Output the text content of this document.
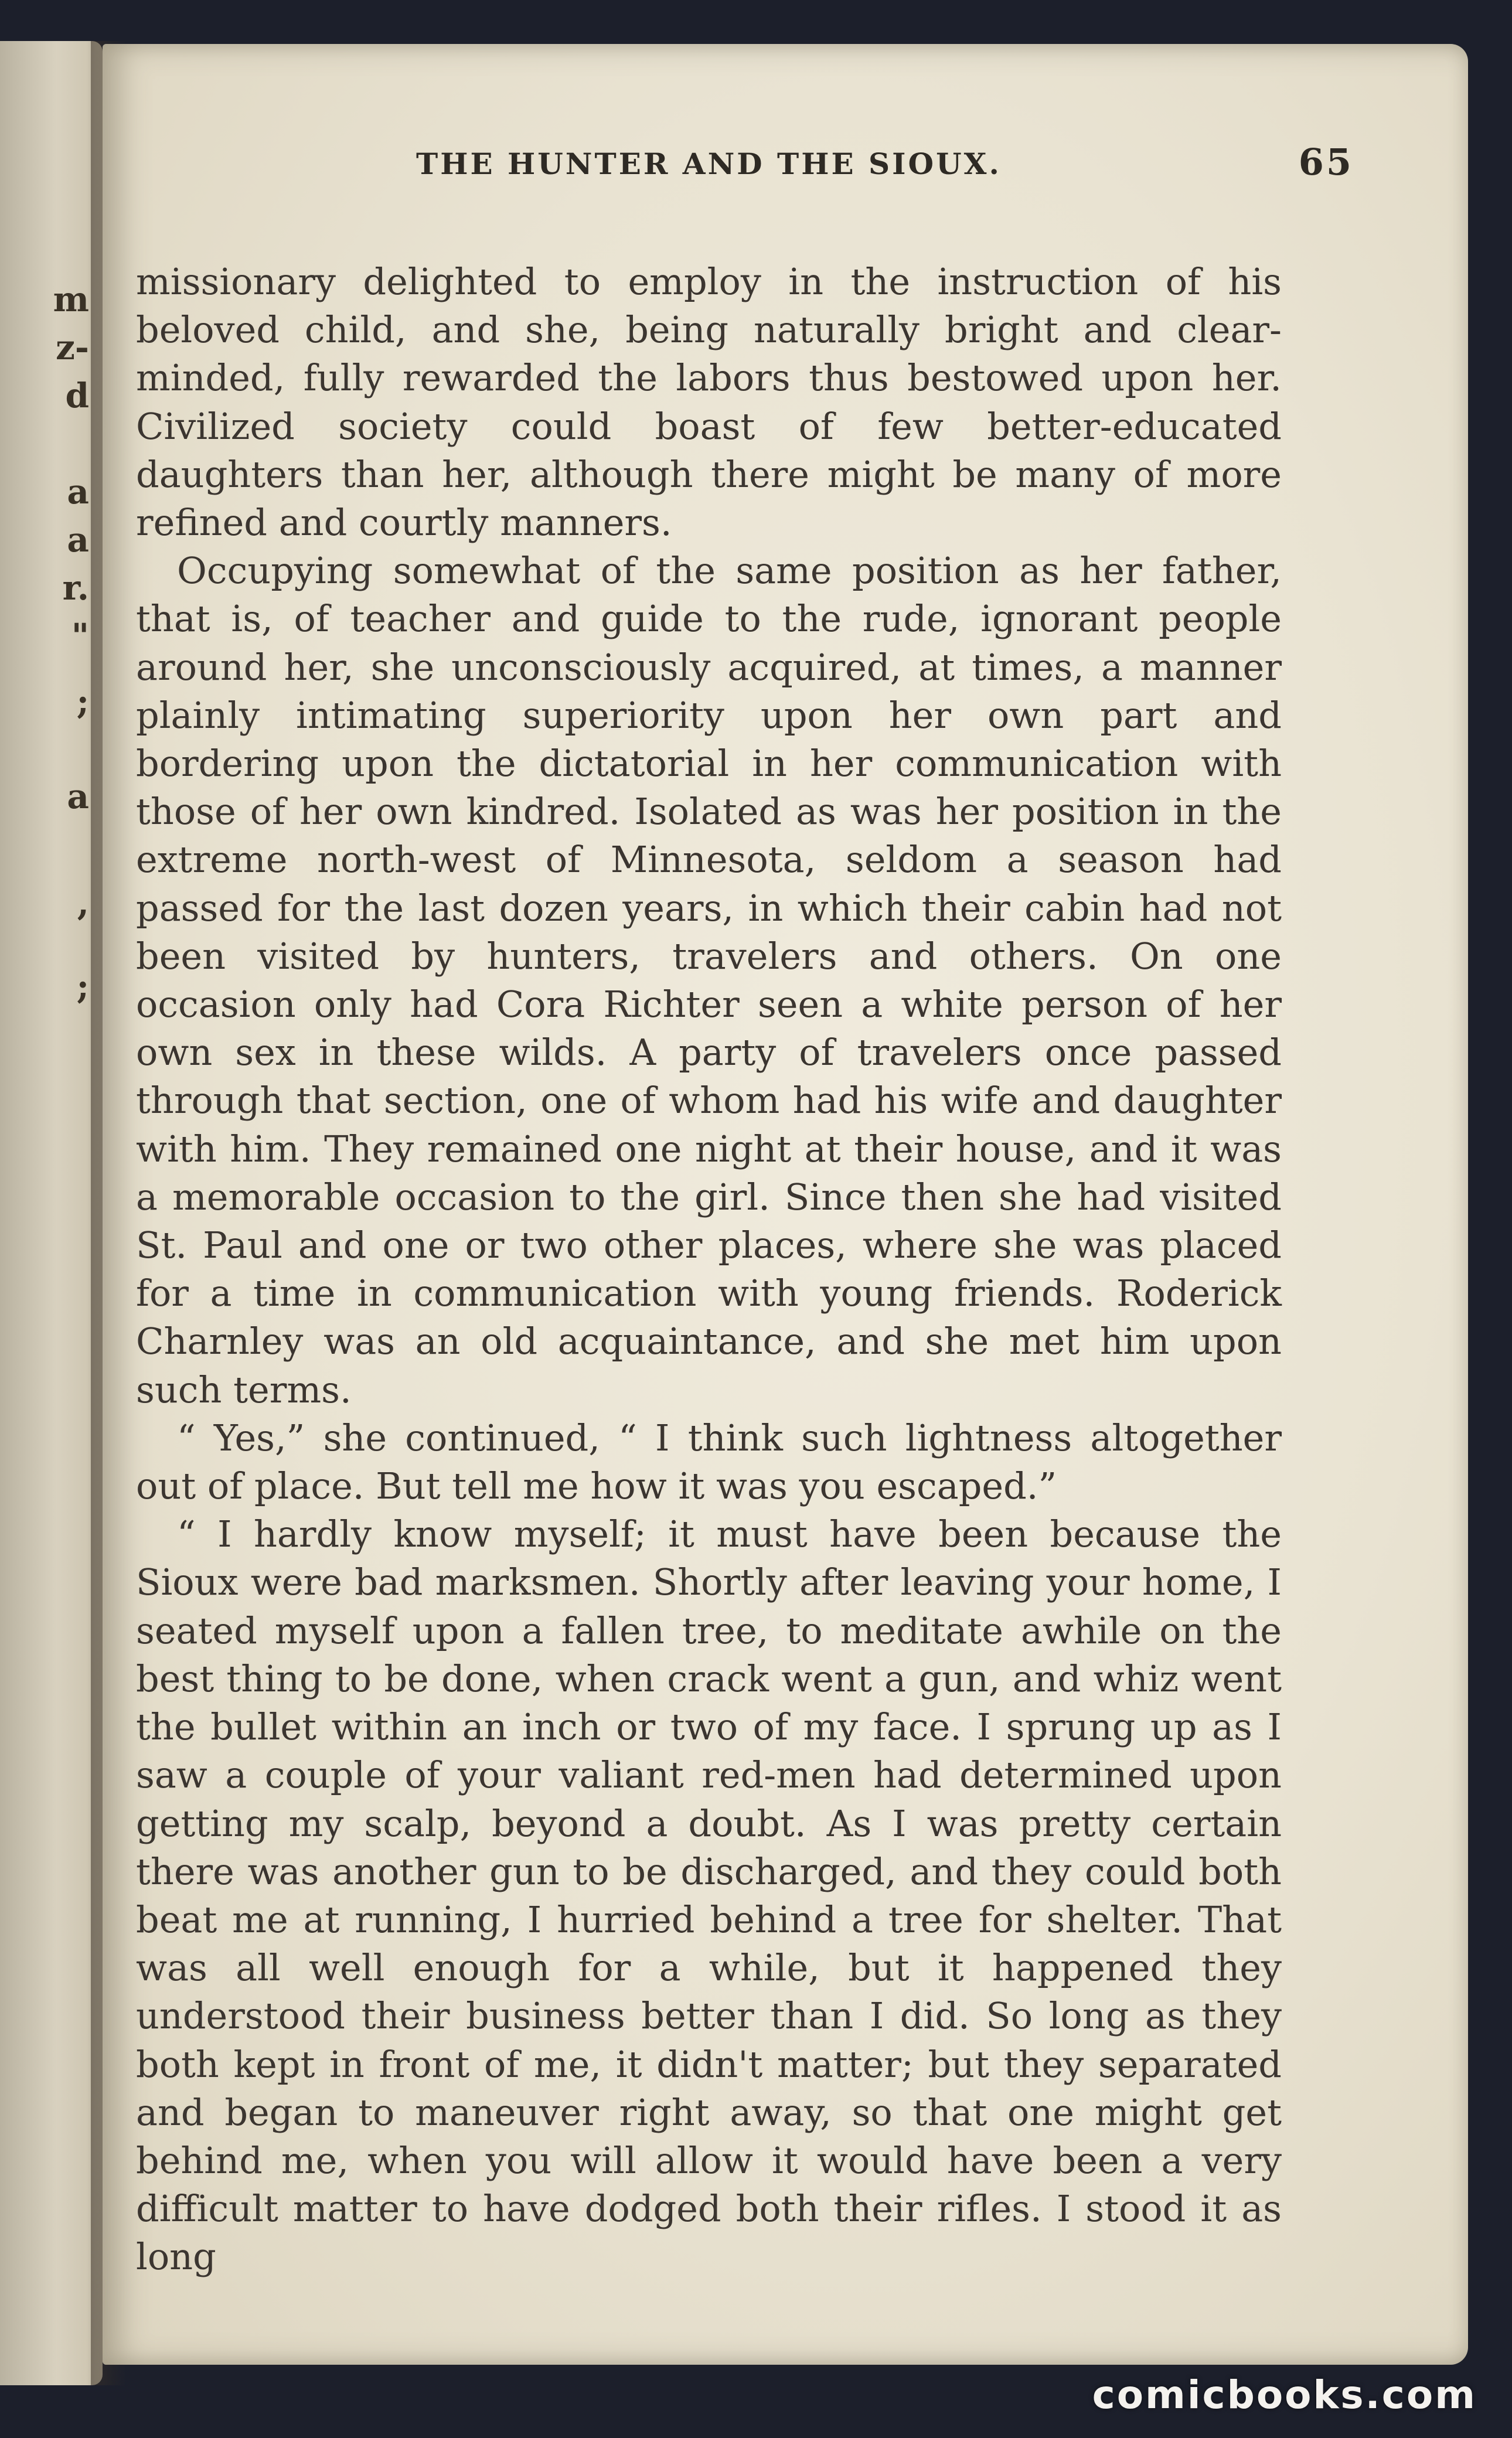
m
z-
d
a
a
r.
"
;
a
,
;
THE HUNTER AND THE SIOUX.	65

missionary delighted to employ in the instruction of his beloved child, and she, being naturally bright and clear-minded, fully rewarded the labors thus bestowed upon her. Civilized society could boast of few better-educated daughters than her, although there might be many of more refined and courtly manners.

Occupying somewhat of the same position as her father, that is, of teacher and guide to the rude, ignorant people around her, she unconsciously acquired, at times, a manner plainly intimating superiority upon her own part and bordering upon the dictatorial in her communication with those of her own kindred. Isolated as was her position in the extreme north-west of Minnesota, seldom a season had passed for the last dozen years, in which their cabin had not been visited by hunters, travelers and others. On one occasion only had Cora Richter seen a white person of her own sex in these wilds. A party of travelers once passed through that section, one of whom had his wife and daughter with him. They remained one night at their house, and it was a memorable occasion to the girl. Since then she had visited St. Paul and one or two other places, where she was placed for a time in communication with young friends. Roderick Charnley was an old acquaintance, and she met him upon such terms.

“ Yes,” she continued, “ I think such lightness altogether out of place. But tell me how it was you escaped.”

“ I hardly know myself; it must have been because the Sioux were bad marksmen. Shortly after leaving your home, I seated myself upon a fallen tree, to meditate awhile on the best thing to be done, when crack went a gun, and whiz went the bullet within an inch or two of my face. I sprung up as I saw a couple of your valiant red-men had determined upon getting my scalp, beyond a doubt. As I was pretty certain there was another gun to be discharged, and they could both beat me at running, I hurried behind a tree for shelter. That was all well enough for a while, but it happened they understood their business better than I did. So long as they both kept in front of me, it didn't matter; but they separated and began to maneuver right away, so that one might get behind me, when you will allow it would have been a very difficult matter to have dodged both their rifles. I stood it as long

comicbooks.com
